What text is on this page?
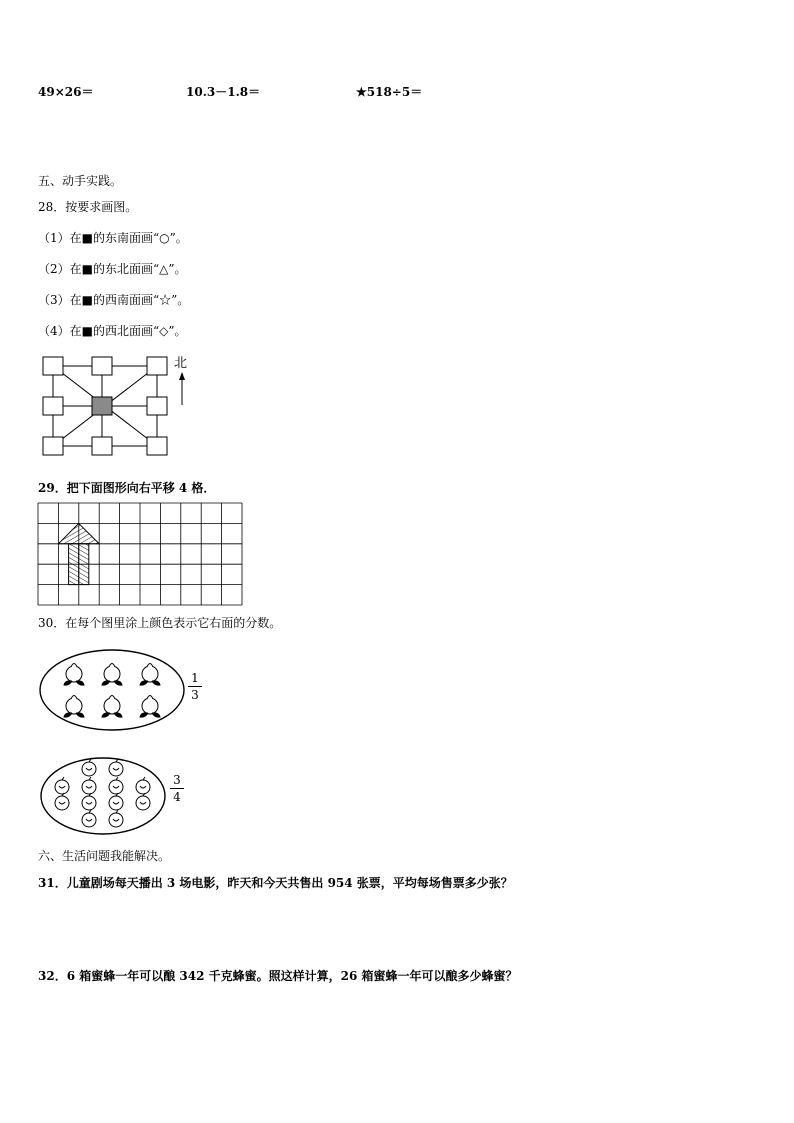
49×26＝	10.3－1.8＝	★518÷5＝
五、动手实践。
28．按要求画图。
（1）在■的东南面画“○”。
（2）在■的东北面画“△”。
（3）在■的西南面画“☆”。
（4）在■的西北面画“◇”。
北
29．把下面图形向右平移 4 格．
30．在每个图里涂上颜色表示它右面的分数。
1
3
3
4
六、生活问题我能解决。
31．儿童剧场每天播出 3 场电影，昨天和今天共售出 954 张票，平均每场售票多少张？
32．6 箱蜜蜂一年可以酿 342 千克蜂蜜。照这样计算，26 箱蜜蜂一年可以酿多少蜂蜜？
